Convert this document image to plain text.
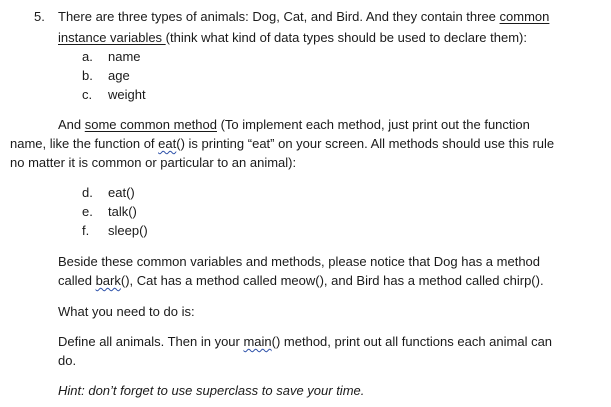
5. There are three types of animals: Dog, Cat, and Bird. And they contain three common
instance variables (think what kind of data types should be used to declare them):
a. name
b. age
c. weight
And some common method (To implement each method, just print out the function
name, like the function of eat() is printing “eat” on your screen. All methods should use this rule
no matter it is common or particular to an animal):
d. eat()
e. talk()
f. sleep()
Beside these common variables and methods, please notice that Dog has a method
called bark(), Cat has a method called meow(), and Bird has a method called chirp().
What you need to do is:
Define all animals. Then in your main() method, print out all functions each animal can
do.
Hint: don’t forget to use superclass to save your time.
